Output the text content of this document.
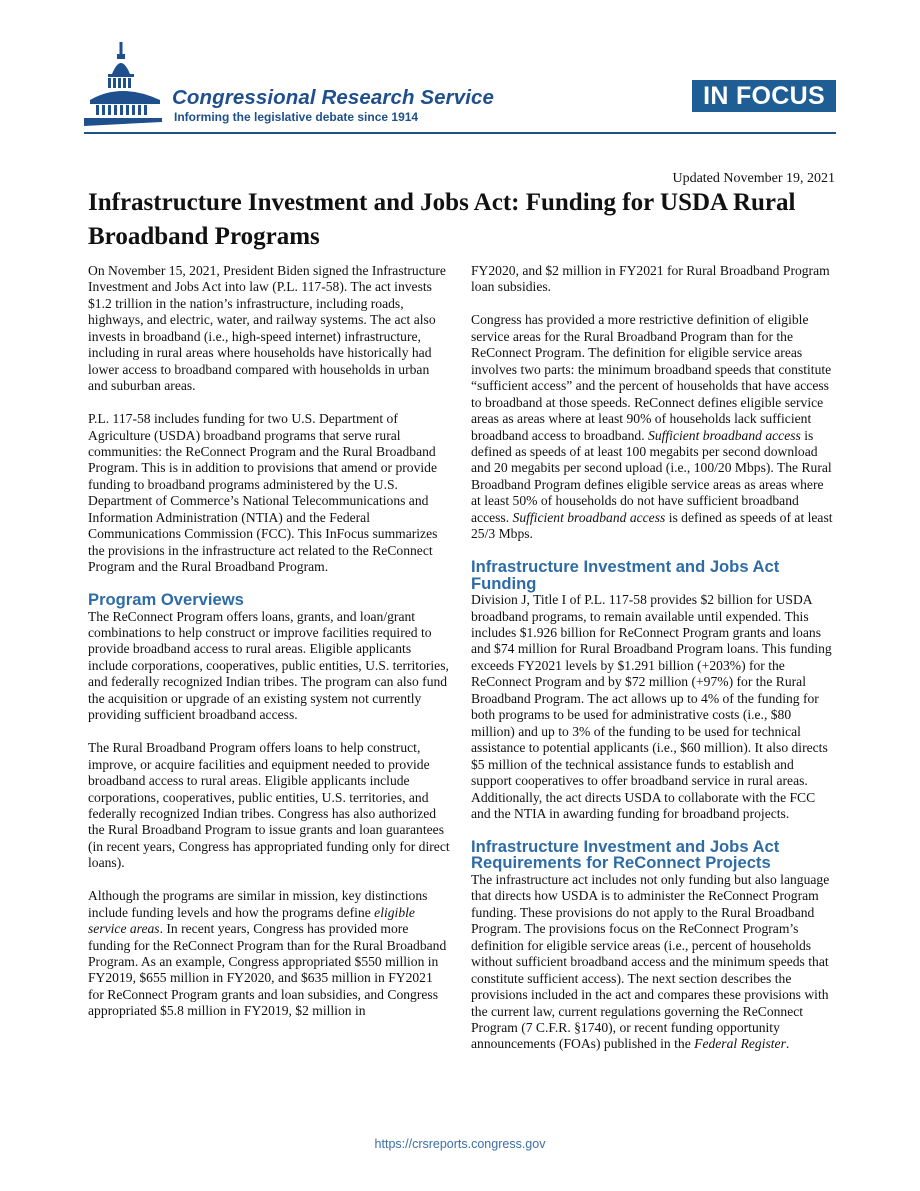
Congressional Research Service
Informing the legislative debate since 1914
IN FOCUS
Updated November 19, 2021
Infrastructure Investment and Jobs Act: Funding for USDA Rural Broadband Programs

On November 15, 2021, President Biden signed the Infrastructure Investment and Jobs Act into law (P.L. 117-58). The act invests $1.2 trillion in the nation’s infrastructure, including roads, highways, and electric, water, and railway systems. The act also invests in broadband (i.e., high-speed internet) infrastructure, including in rural areas where households have historically had lower access to broadband compared with households in urban and suburban areas.

P.L. 117-58 includes funding for two U.S. Department of Agriculture (USDA) broadband programs that serve rural communities: the ReConnect Program and the Rural Broadband Program. This is in addition to provisions that amend or provide funding to broadband programs administered by the U.S. Department of Commerce’s National Telecommunications and Information Administration (NTIA) and the Federal Communications Commission (FCC). This InFocus summarizes the provisions in the infrastructure act related to the ReConnect Program and the Rural Broadband Program.

Program Overviews

The ReConnect Program offers loans, grants, and loan/grant combinations to help construct or improve facilities required to provide broadband access to rural areas. Eligible applicants include corporations, cooperatives, public entities, U.S. territories, and federally recognized Indian tribes. The program can also fund the acquisition or upgrade of an existing system not currently providing sufficient broadband access.

The Rural Broadband Program offers loans to help construct, improve, or acquire facilities and equipment needed to provide broadband access to rural areas. Eligible applicants include corporations, cooperatives, public entities, U.S. territories, and federally recognized Indian tribes. Congress has also authorized the Rural Broadband Program to issue grants and loan guarantees (in recent years, Congress has appropriated funding only for direct loans).

Although the programs are similar in mission, key distinctions include funding levels and how the programs define eligible service areas. In recent years, Congress has provided more funding for the ReConnect Program than for the Rural Broadband Program. As an example, Congress appropriated $550 million in FY2019, $655 million in FY2020, and $635 million in FY2021 for ReConnect Program grants and loan subsidies, and Congress appropriated $5.8 million in FY2019, $2 million in

FY2020, and $2 million in FY2021 for Rural Broadband Program loan subsidies.

Congress has provided a more restrictive definition of eligible service areas for the Rural Broadband Program than for the ReConnect Program. The definition for eligible service areas involves two parts: the minimum broadband speeds that constitute “sufficient access” and the percent of households that have access to broadband at those speeds. ReConnect defines eligible service areas as areas where at least 90% of households lack sufficient broadband access to broadband. Sufficient broadband access is defined as speeds of at least 100 megabits per second download and 20 megabits per second upload (i.e., 100/20 Mbps). The Rural Broadband Program defines eligible service areas as areas where at least 50% of households do not have sufficient broadband access. Sufficient broadband access is defined as speeds of at least 25/3 Mbps.

Infrastructure Investment and Jobs Act Funding

Division J, Title I of P.L. 117-58 provides $2 billion for USDA broadband programs, to remain available until expended. This includes $1.926 billion for ReConnect Program grants and loans and $74 million for Rural Broadband Program loans. This funding exceeds FY2021 levels by $1.291 billion (+203%) for the ReConnect Program and by $72 million (+97%) for the Rural Broadband Program. The act allows up to 4% of the funding for both programs to be used for administrative costs (i.e., $80 million) and up to 3% of the funding to be used for technical assistance to potential applicants (i.e., $60 million). It also directs $5 million of the technical assistance funds to establish and support cooperatives to offer broadband service in rural areas. Additionally, the act directs USDA to collaborate with the FCC and the NTIA in awarding funding for broadband projects.

Infrastructure Investment and Jobs Act Requirements for ReConnect Projects

The infrastructure act includes not only funding but also language that directs how USDA is to administer the ReConnect Program funding. These provisions do not apply to the Rural Broadband Program. The provisions focus on the ReConnect Program’s definition for eligible service areas (i.e., percent of households without sufficient broadband access and the minimum speeds that constitute sufficient access). The next section describes the provisions included in the act and compares these provisions with the current law, current regulations governing the ReConnect Program (7 C.F.R. §1740), or recent funding opportunity announcements (FOAs) published in the Federal Register.

https://crsreports.congress.gov
